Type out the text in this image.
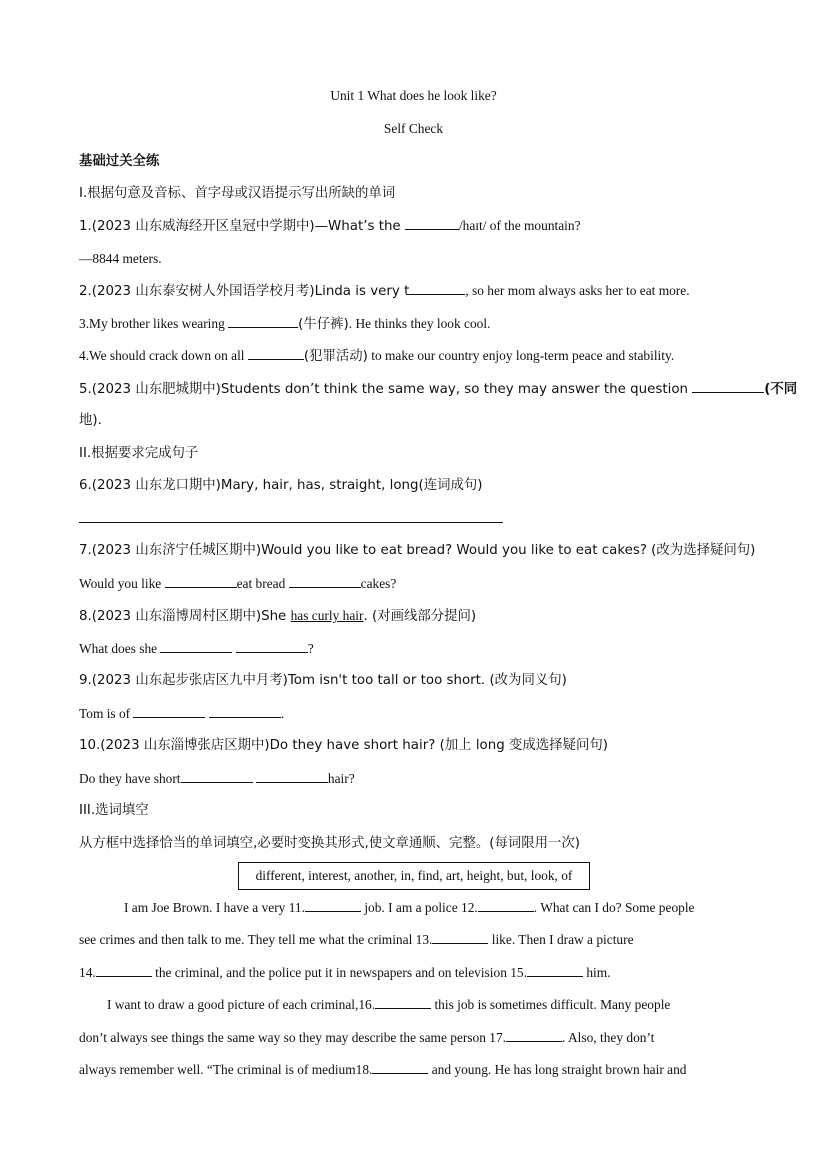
Unit 1 What does he look like?
Self Check
基础过关全练
I.根据句意及音标、首字母或汉语提示写出所缺的单词
1.(2023 山东威海经开区皇冠中学期中)—What’s the	/haɪt/ of the mountain?
—8844 meters.
2.(2023 山东泰安树人外国语学校月考)Linda is very t	, so her mom always asks her to eat more.
3.My brother likes wearing	(牛仔裤). He thinks they look cool.
4.We should crack down on all	(犯罪活动) to make our country enjoy long-term peace and stability.
5.(2023 山东肥城期中)Students don’t think the same way, so they may answer the question	(不同
地).
II.根据要求完成句子
6.(2023 山东龙口期中)Mary, hair, has, straight, long(连词成句)
7.(2023 山东济宁任城区期中)Would you like to eat bread? Would you like to eat cakes? (改为选择疑问句)
Would you like	eat bread	cakes?
8.(2023 山东淄博周村区期中)She has curly hair. (对画线部分提问)
What does she	?
9.(2023 山东起步张店区九中月考)Tom isn't too tall or too short. (改为同义句)
Tom is of	.
10.(2023 山东淄博张店区期中)Do they have short hair? (加上 long 变成选择疑问句)
Do they have short	hair?
III.选词填空
从方框中选择恰当的单词填空,必要时变换其形式,使文章通顺、完整。(每词限用一次)
different, interest, another, in, find, art, height, but, look, of
I am Joe Brown. I have a very 11.	job. I am a police 12.	. What can I do? Some people
see crimes and then talk to me. They tell me what the criminal 13.	like. Then I draw a picture
14.	the criminal, and the police put it in newspapers and on television 15.	him.
I want to draw a good picture of each criminal,16.	this job is sometimes difficult. Many people
don’t always see things the same way so they may describe the same person 17.	. Also, they don’t
always remember well. “The criminal is of medium18.	and young. He has long straight brown hair and
